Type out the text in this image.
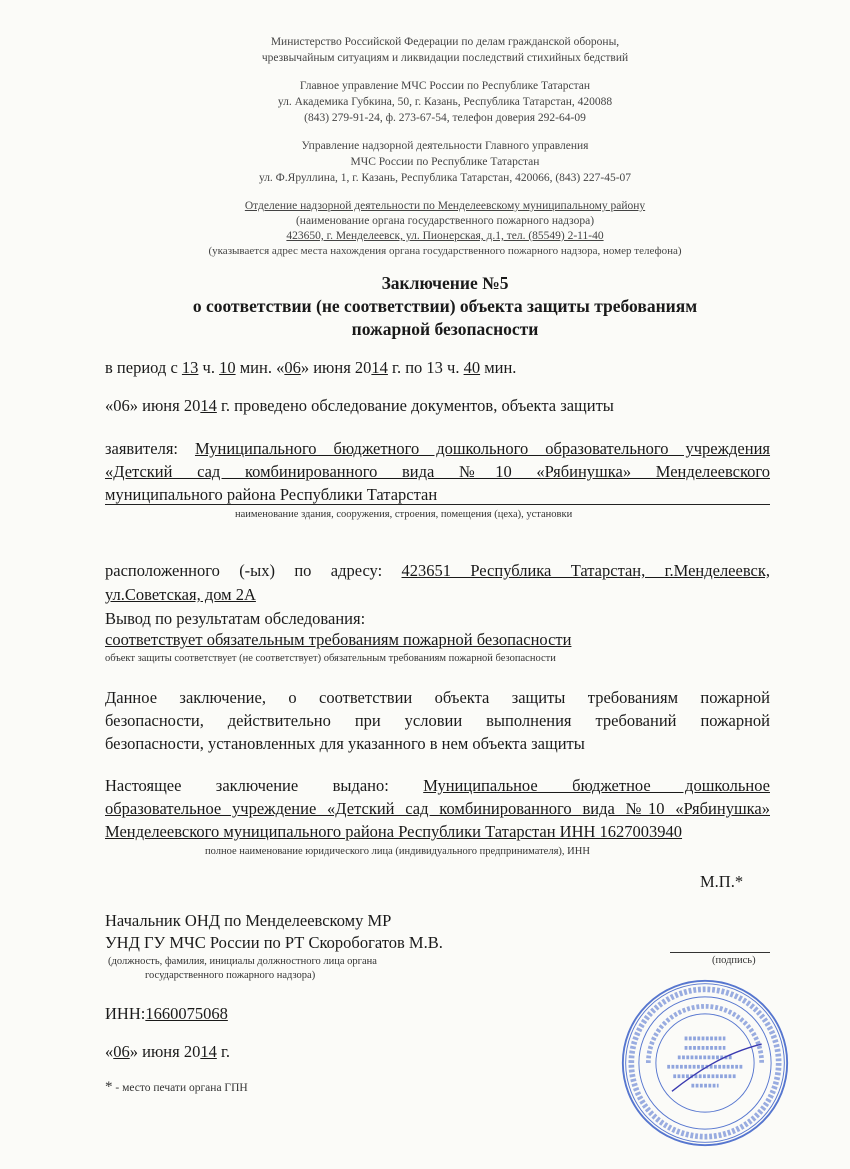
Министерство Российской Федерации по делам гражданской обороны,
чрезвычайным ситуациям и ликвидации последствий стихийных бедствий
Главное управление МЧС России по Республике Татарстан
ул. Академика Губкина, 50, г. Казань, Республика Татарстан, 420088
(843) 279-91-24, ф. 273-67-54, телефон доверия 292-64-09
Управление надзорной деятельности Главного управления
МЧС России по Республике Татарстан
ул. Ф.Яруллина, 1, г. Казань, Республика Татарстан, 420066, (843) 227-45-07
Отделение надзорной деятельности по Менделеевскому муниципальному району
(наименование органа государственного пожарного надзора)
423650, г. Менделеевск, ул. Пионерская, д.1, тел. (85549) 2-11-40
(указывается адрес места нахождения органа государственного пожарного надзора, номер телефона)
Заключение №5
о соответствии (не соответствии) объекта защиты требованиям
пожарной безопасности
в период с 13 ч. 10 мин. «06» июня 2014 г. по 13 ч. 40 мин.
«06» июня 2014 г. проведено обследование документов, объекта защиты
заявителя: Муниципального бюджетного дошкольного образовательного учреждения
«Детский сад комбинированного вида №10 «Рябинушка» Менделеевского
муниципального района Республики Татарстан
наименование здания, сооружения, строения, помещения (цеха), установки
расположенного (-ых) по адресу: 423651 Республика Татарстан, г.Менделеевск,
ул.Советская, дом 2А
Вывод по результатам обследования:
соответствует обязательным требованиям пожарной безопасности
объект защиты соответствует (не соответствует) обязательным требованиям пожарной безопасности
Данное заключение, о соответствии объекта защиты требованиям пожарной
безопасности, действительно при условии выполнения требований пожарной
безопасности, установленных для указанного в нем объекта защиты
Настоящее заключение выдано: Муниципальное бюджетное дошкольное
образовательное учреждение «Детский сад комбинированного вида №10 «Рябинушка»
Менделеевского муниципального района Республики Татарстан ИНН 1627003940
полное наименование юридического лица (индивидуального предпринимателя), ИНН
М.П.*
Начальник ОНД по Менделеевскому МР
УНД ГУ МЧС России по РТ Скоробогатов М.В.
(должность, фамилия, инициалы должностного лица органа
государственного пожарного надзора)
(подпись)
ИНН:1660075068
«06» июня 2014 г.
* - место печати органа ГПН
